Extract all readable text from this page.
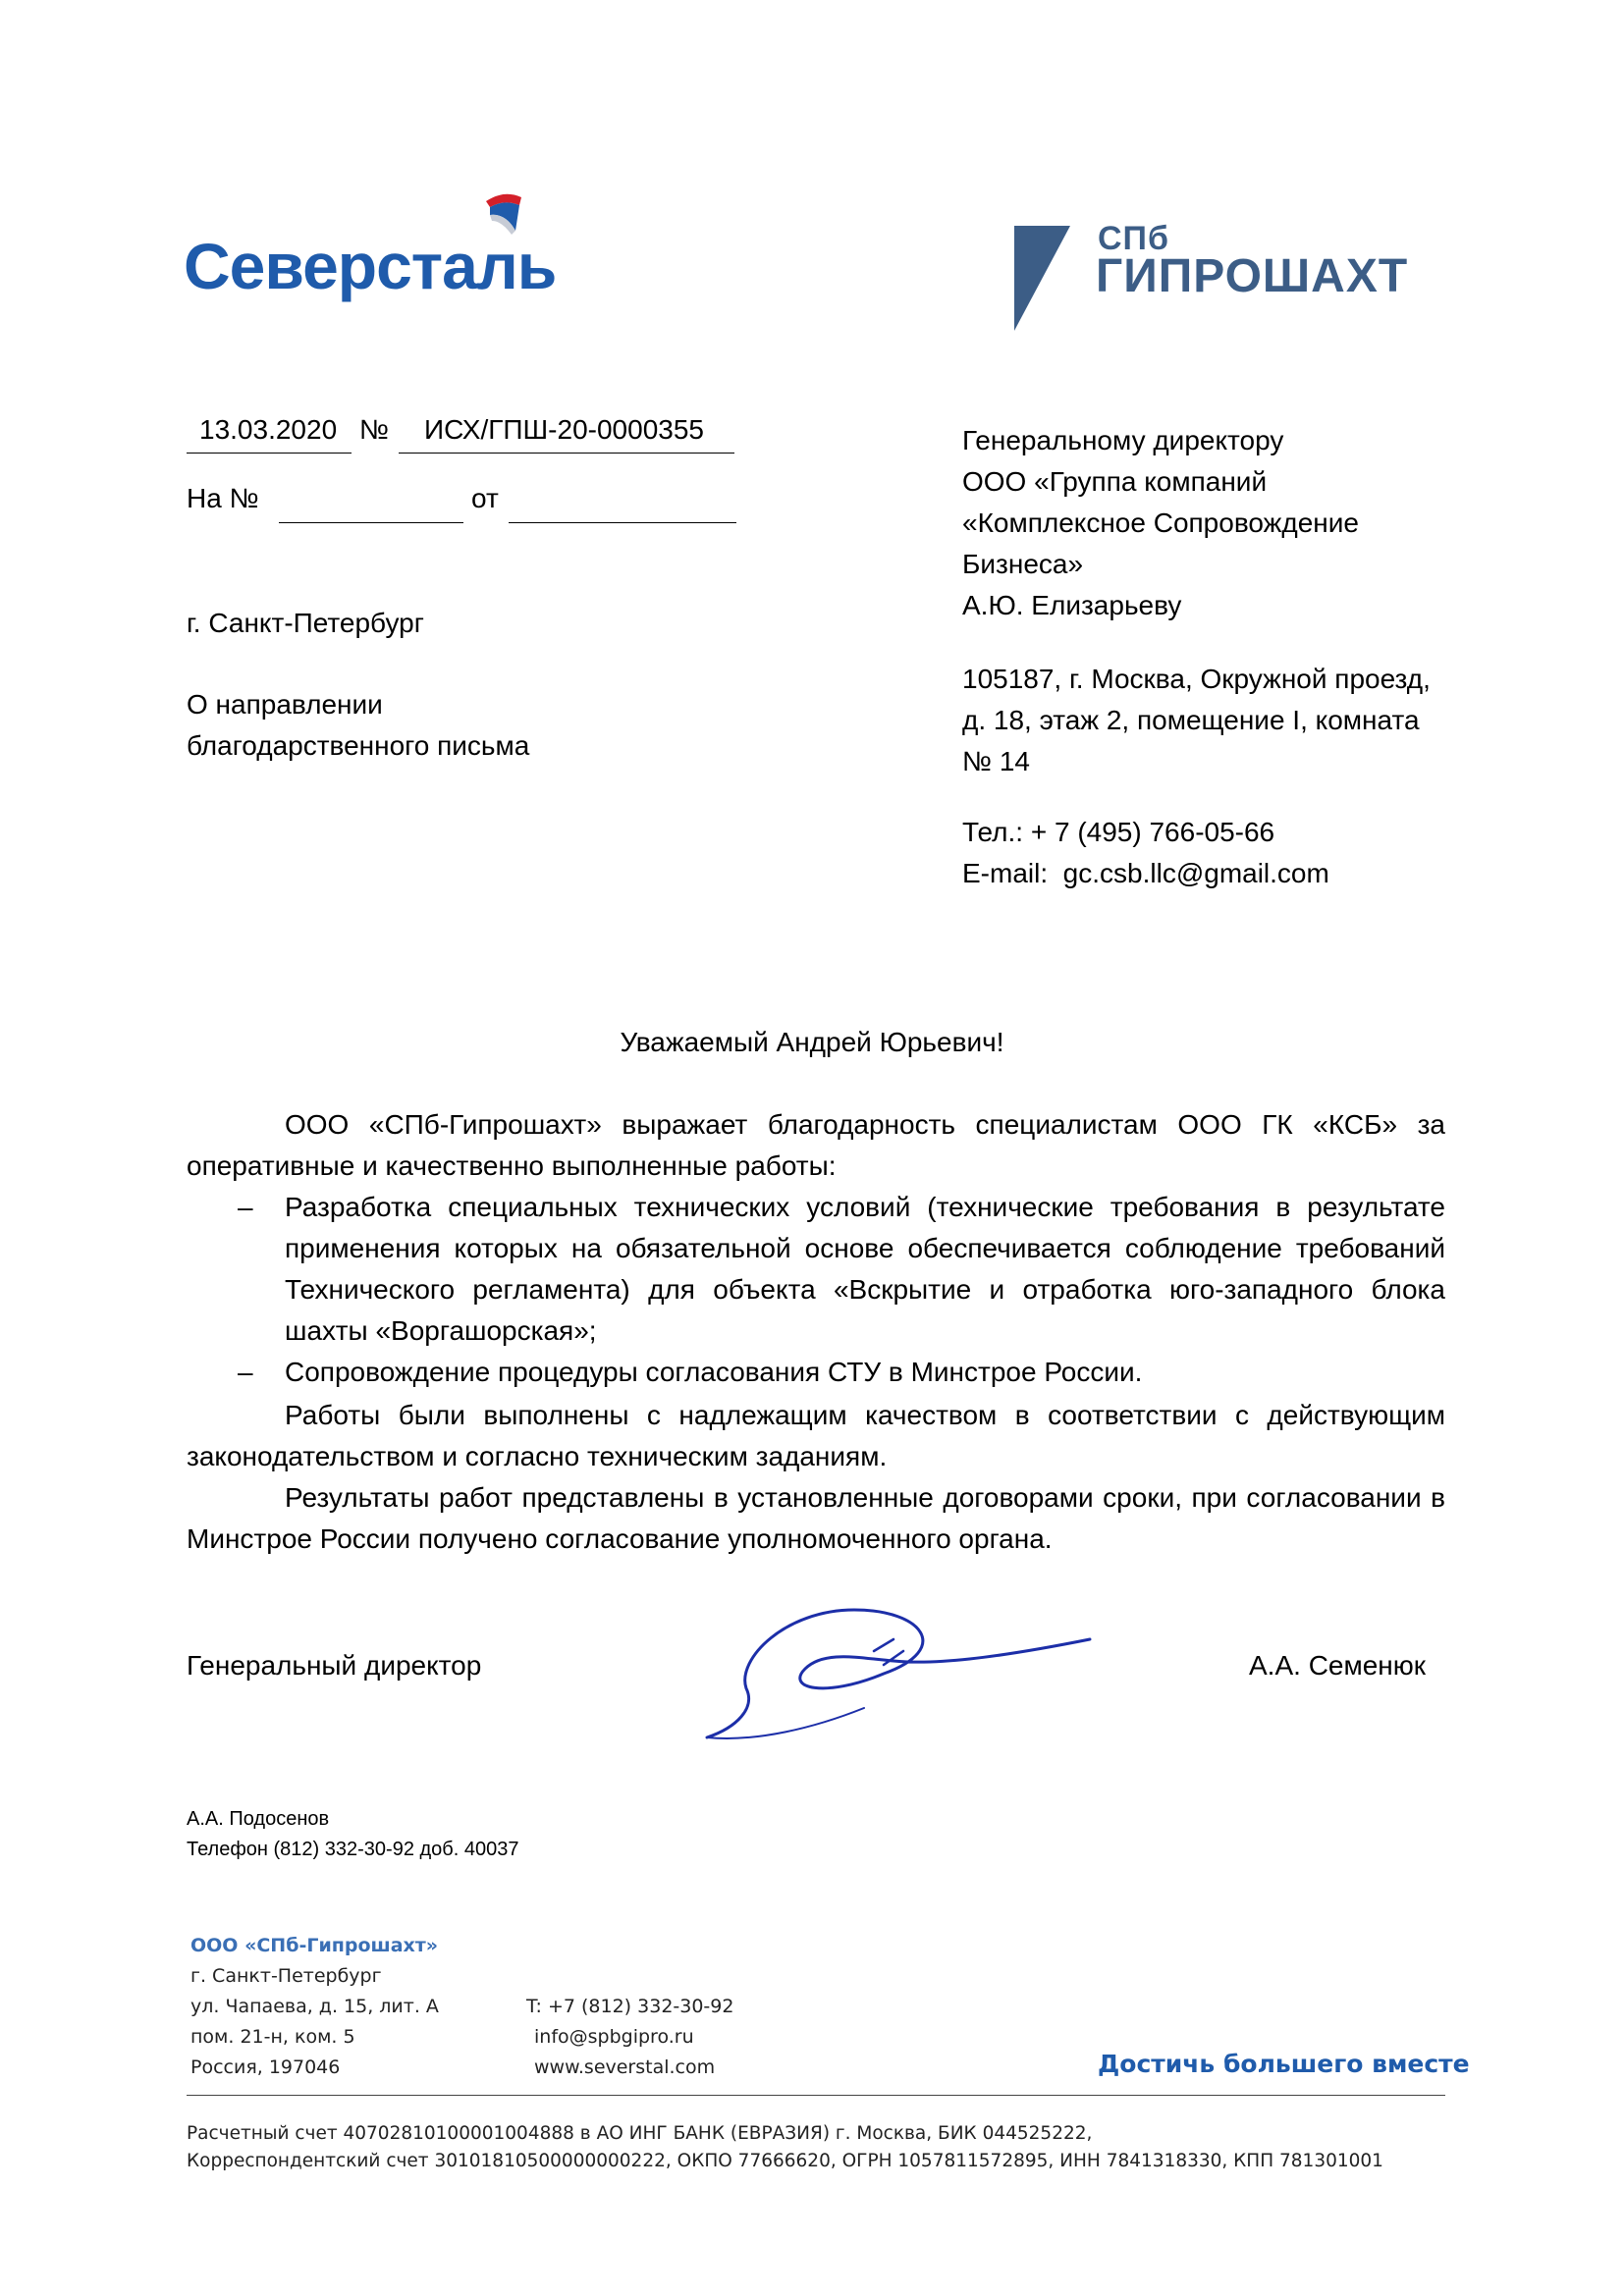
Северсталь	СПб
ГИПРОШАХТ
13.03.2020 № ИСХ/ГПШ-20-0000355
На №	от
г. Санкт-Петербург
О направлении
благодарственного письма
Генеральному директору
ООО «Группа компаний
«Комплексное Сопровождение
Бизнеса»
А.Ю. Елизарьеву
105187, г. Москва, Окружной проезд,
д. 18, этаж 2, помещение I, комната
№ 14
Тел.: + 7 (495) 766-05-66
E-mail:  gc.csb.llc@gmail.com
Уважаемый Андрей Юрьевич!
ООО «СПб-Гипрошахт» выражает благодарность специалистам ООО ГК «КСБ» за оперативные и качественно выполненные работы:
– Разработка специальных технических условий (технические требования в результате применения которых на обязательной основе обеспечивается соблюдение требований Технического регламента) для объекта «Вскрытие и отработка юго-западного блока шахты «Воргашорская»;
– Сопровождение процедуры согласования СТУ в Минстрое России.
Работы были выполнены с надлежащим качеством в соответствии с действующим законодательством и согласно техническим заданиям.
Результаты работ представлены в установленные договорами сроки, при согласовании в Минстрое России получено согласование уполномоченного органа.
Генеральный директор	А.А. Семенюк
А.А. Подосенов
Телефон (812) 332-30-92 доб. 40037
ООО «СПб-Гипрошахт»
г. Санкт-Петербург
ул. Чапаева, д. 15, лит. А
пом. 21-н, ком. 5
Россия, 197046
T: +7 (812) 332-30-92
info@spbgipro.ru
www.severstal.com	Достичь большего вместе
Расчетный счет 40702810100001004888 в АО ИНГ БАНК (ЕВРАЗИЯ) г. Москва, БИК 044525222,
Корреспондентский счет 30101810500000000222, ОКПО 77666620, ОГРН 1057811572895, ИНН 7841318330, КПП 781301001
